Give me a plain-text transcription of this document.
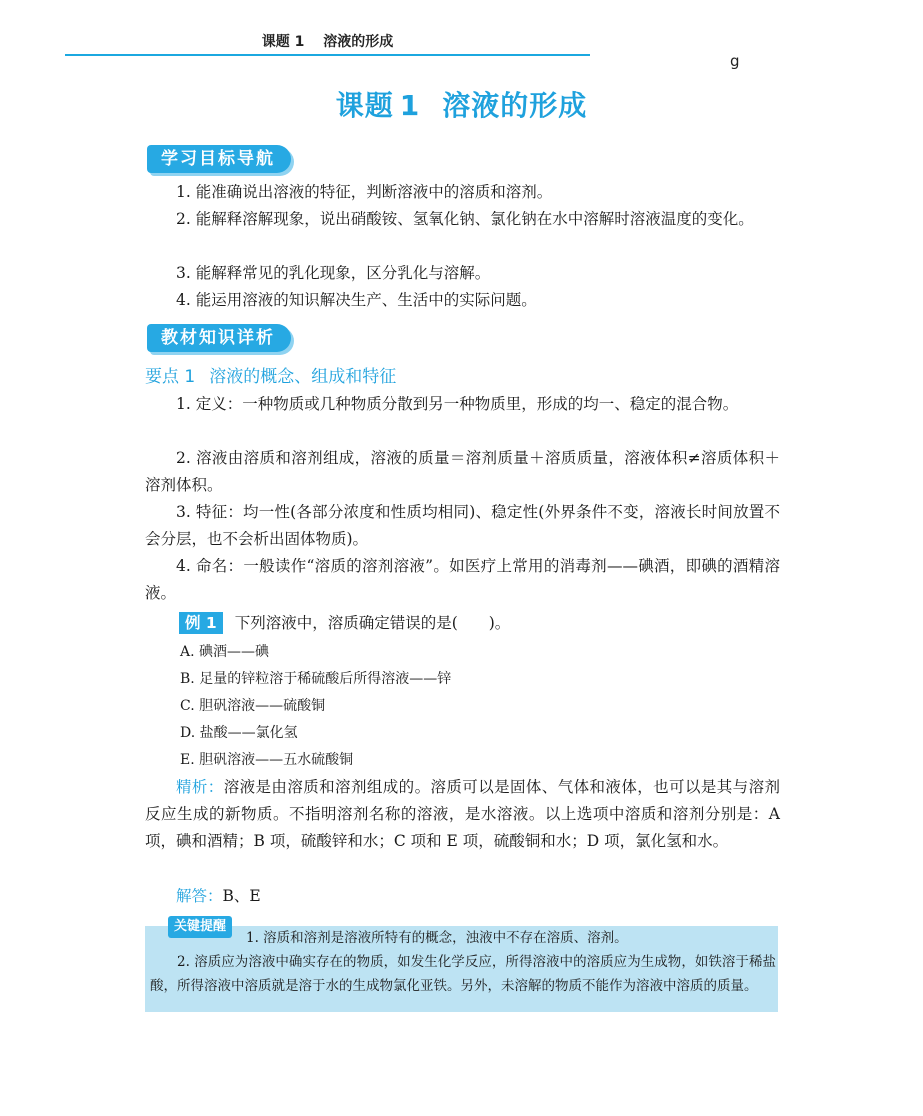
课题 1　 溶液的形成
g
课题 1 溶液的形成
学习目标导航
1. 能准确说出溶液的特征，判断溶液中的溶质和溶剂。
2. 能解释溶解现象，说出硝酸铵、氢氧化钠、氯化钠在水中溶解时溶液温度的变化。
3. 能解释常见的乳化现象，区分乳化与溶解。
4. 能运用溶液的知识解决生产、生活中的实际问题。
教材知识详析
要点 1 溶液的概念、组成和特征
1. 定义：一种物质或几种物质分散到另一种物质里，形成的均一、稳定的混合物。
2. 溶液由溶质和溶剂组成，溶液的质量＝溶剂质量＋溶质质量，溶液体积≠溶质体积＋溶剂体积。
3. 特征：均一性(各部分浓度和性质均相同)、稳定性(外界条件不变，溶液长时间放置不会分层，也不会析出固体物质)。
4. 命名：一般读作“溶质的溶剂溶液”。如医疗上常用的消毒剂——碘酒，即碘的酒精溶液。
例 1 下列溶液中，溶质确定错误的是(　　)。
A. 碘酒——碘
B. 足量的锌粒溶于稀硫酸后所得溶液——锌
C. 胆矾溶液——硫酸铜
D. 盐酸——氯化氢
E. 胆矾溶液——五水硫酸铜
精析：溶液是由溶质和溶剂组成的。溶质可以是固体、气体和液体，也可以是其与溶剂反应生成的新物质。不指明溶剂名称的溶液，是水溶液。以上选项中溶质和溶剂分别是：A 项，碘和酒精；B 项，硫酸锌和水；C 项和 E 项，硫酸铜和水；D 项，氯化氢和水。
解答：B、E
关键提醒
1. 溶质和溶剂是溶液所特有的概念，浊液中不存在溶质、溶剂。
2. 溶质应为溶液中确实存在的物质，如发生化学反应，所得溶液中的溶质应为生成物，如铁溶于稀盐酸，所得溶液中溶质就是溶于水的生成物氯化亚铁。另外，未溶解的物质不能作为溶液中溶质的质量。
